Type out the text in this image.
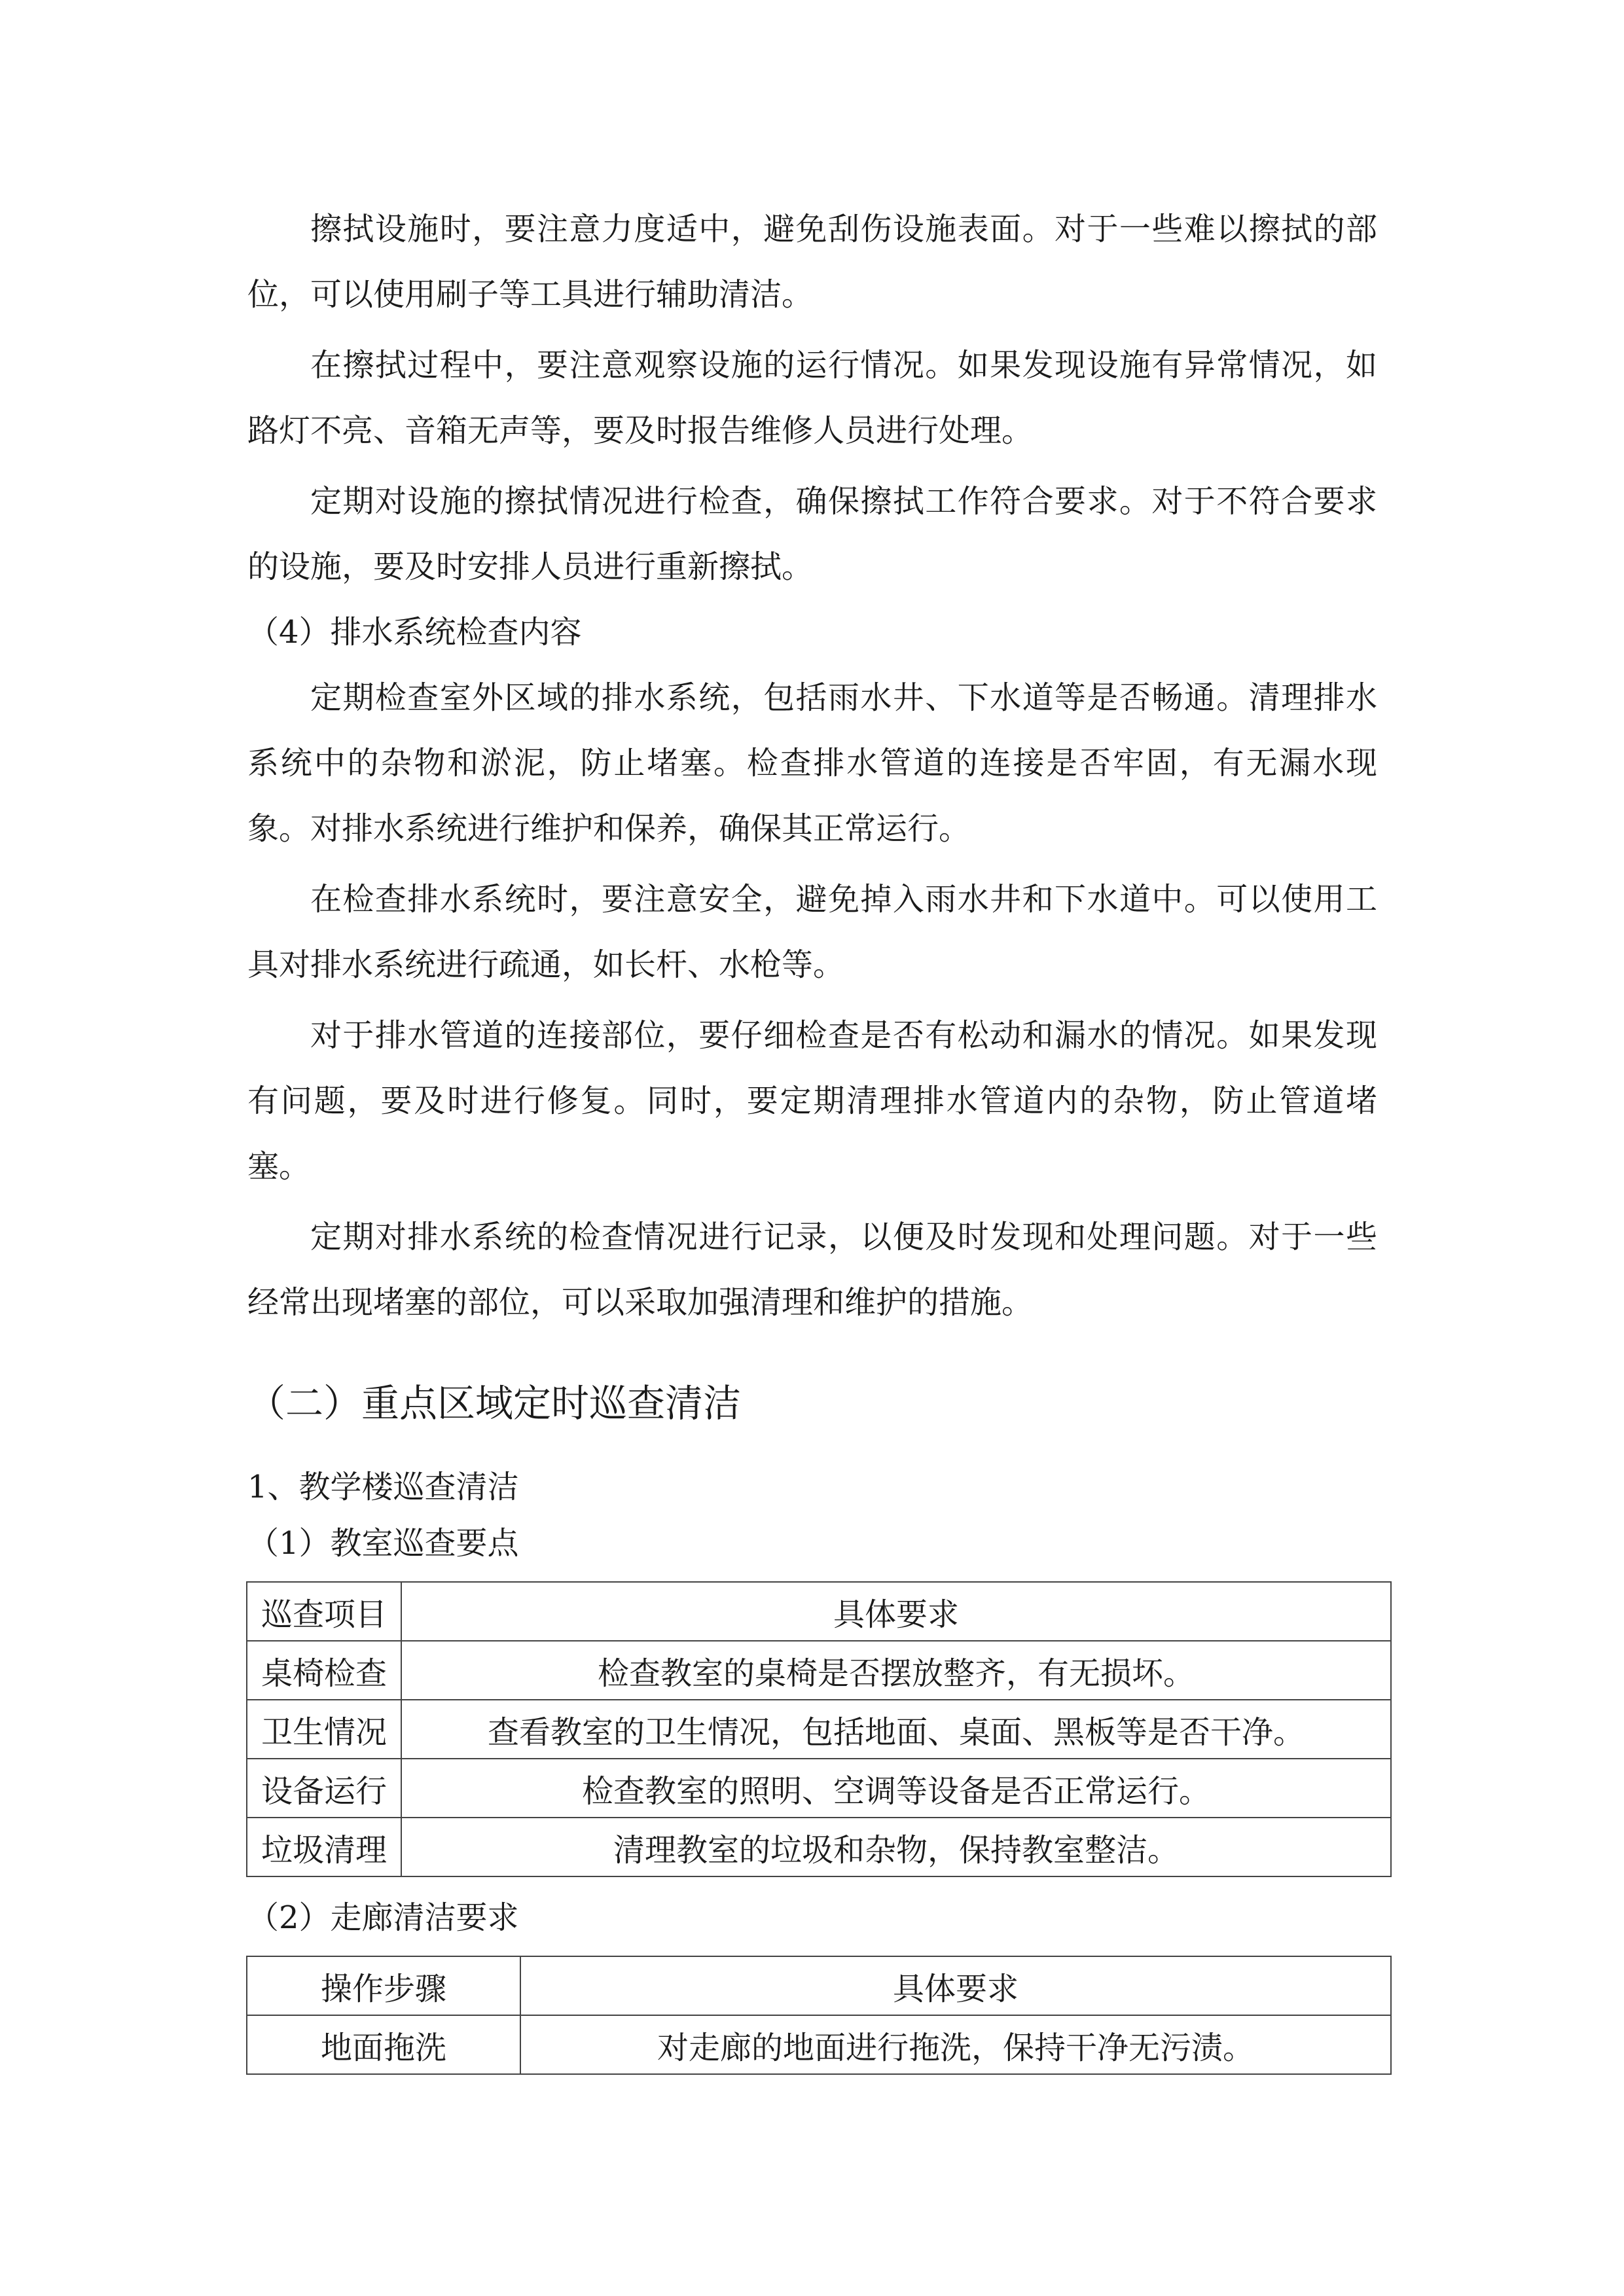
擦拭设施时，要注意力度适中，避免刮伤设施表面。对于一些难以擦拭的部位，可以使用刷子等工具进行辅助清洁。

在擦拭过程中，要注意观察设施的运行情况。如果发现设施有异常情况，如路灯不亮、音箱无声等，要及时报告维修人员进行处理。

定期对设施的擦拭情况进行检查，确保擦拭工作符合要求。对于不符合要求的设施，要及时安排人员进行重新擦拭。

（4）排水系统检查内容

定期检查室外区域的排水系统，包括雨水井、下水道等是否畅通。清理排水系统中的杂物和淤泥，防止堵塞。检查排水管道的连接是否牢固，有无漏水现象。对排水系统进行维护和保养，确保其正常运行。

在检查排水系统时，要注意安全，避免掉入雨水井和下水道中。可以使用工具对排水系统进行疏通，如长杆、水枪等。

对于排水管道的连接部位，要仔细检查是否有松动和漏水的情况。如果发现有问题，要及时进行修复。同时，要定期清理排水管道内的杂物，防止管道堵塞。

定期对排水系统的检查情况进行记录，以便及时发现和处理问题。对于一些经常出现堵塞的部位，可以采取加强清理和维护的措施。

（二）重点区域定时巡查清洁
1、教学楼巡查清洁
（1）教室巡查要点
巡查项目	具体要求
桌椅检查	检查教室的桌椅是否摆放整齐，有无损坏。
卫生情况	查看教室的卫生情况，包括地面、桌面、黑板等是否干净。
设备运行	检查教室的照明、空调等设备是否正常运行。
垃圾清理	清理教室的垃圾和杂物，保持教室整洁。
（2）走廊清洁要求
操作步骤	具体要求
地面拖洗	对走廊的地面进行拖洗，保持干净无污渍。
